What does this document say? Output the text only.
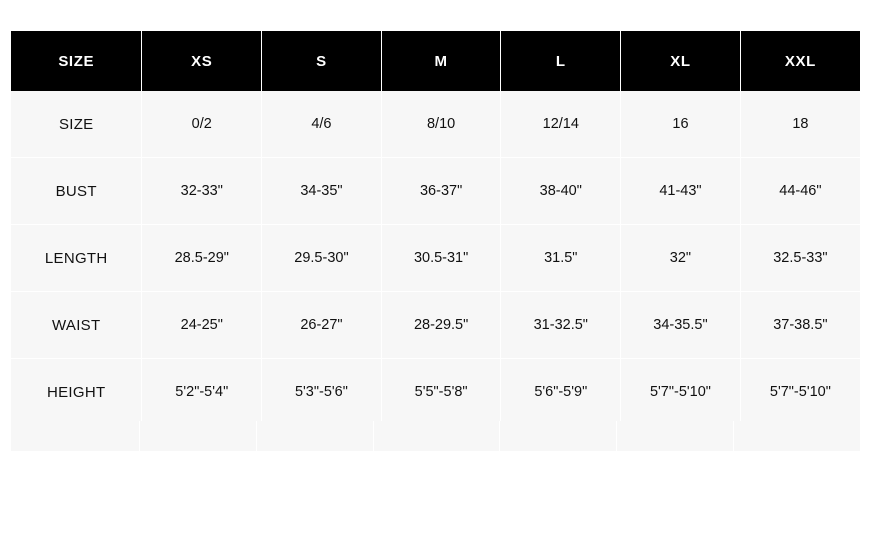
SIZE	XS	S	M	L	XL	XXL
SIZE	0/2	4/6	8/10	12/14	16	18
BUST	32-33"	34-35"	36-37"	38-40"	41-43"	44-46"
LENGTH	28.5-29"	29.5-30"	30.5-31"	31.5"	32"	32.5-33"
WAIST	24-25"	26-27"	28-29.5"	31-32.5"	34-35.5"	37-38.5"
HEIGHT	5'2"-5'4"	5'3"-5'6"	5'5"-5'8"	5'6"-5'9"	5'7"-5'10"	5'7"-5'10"
